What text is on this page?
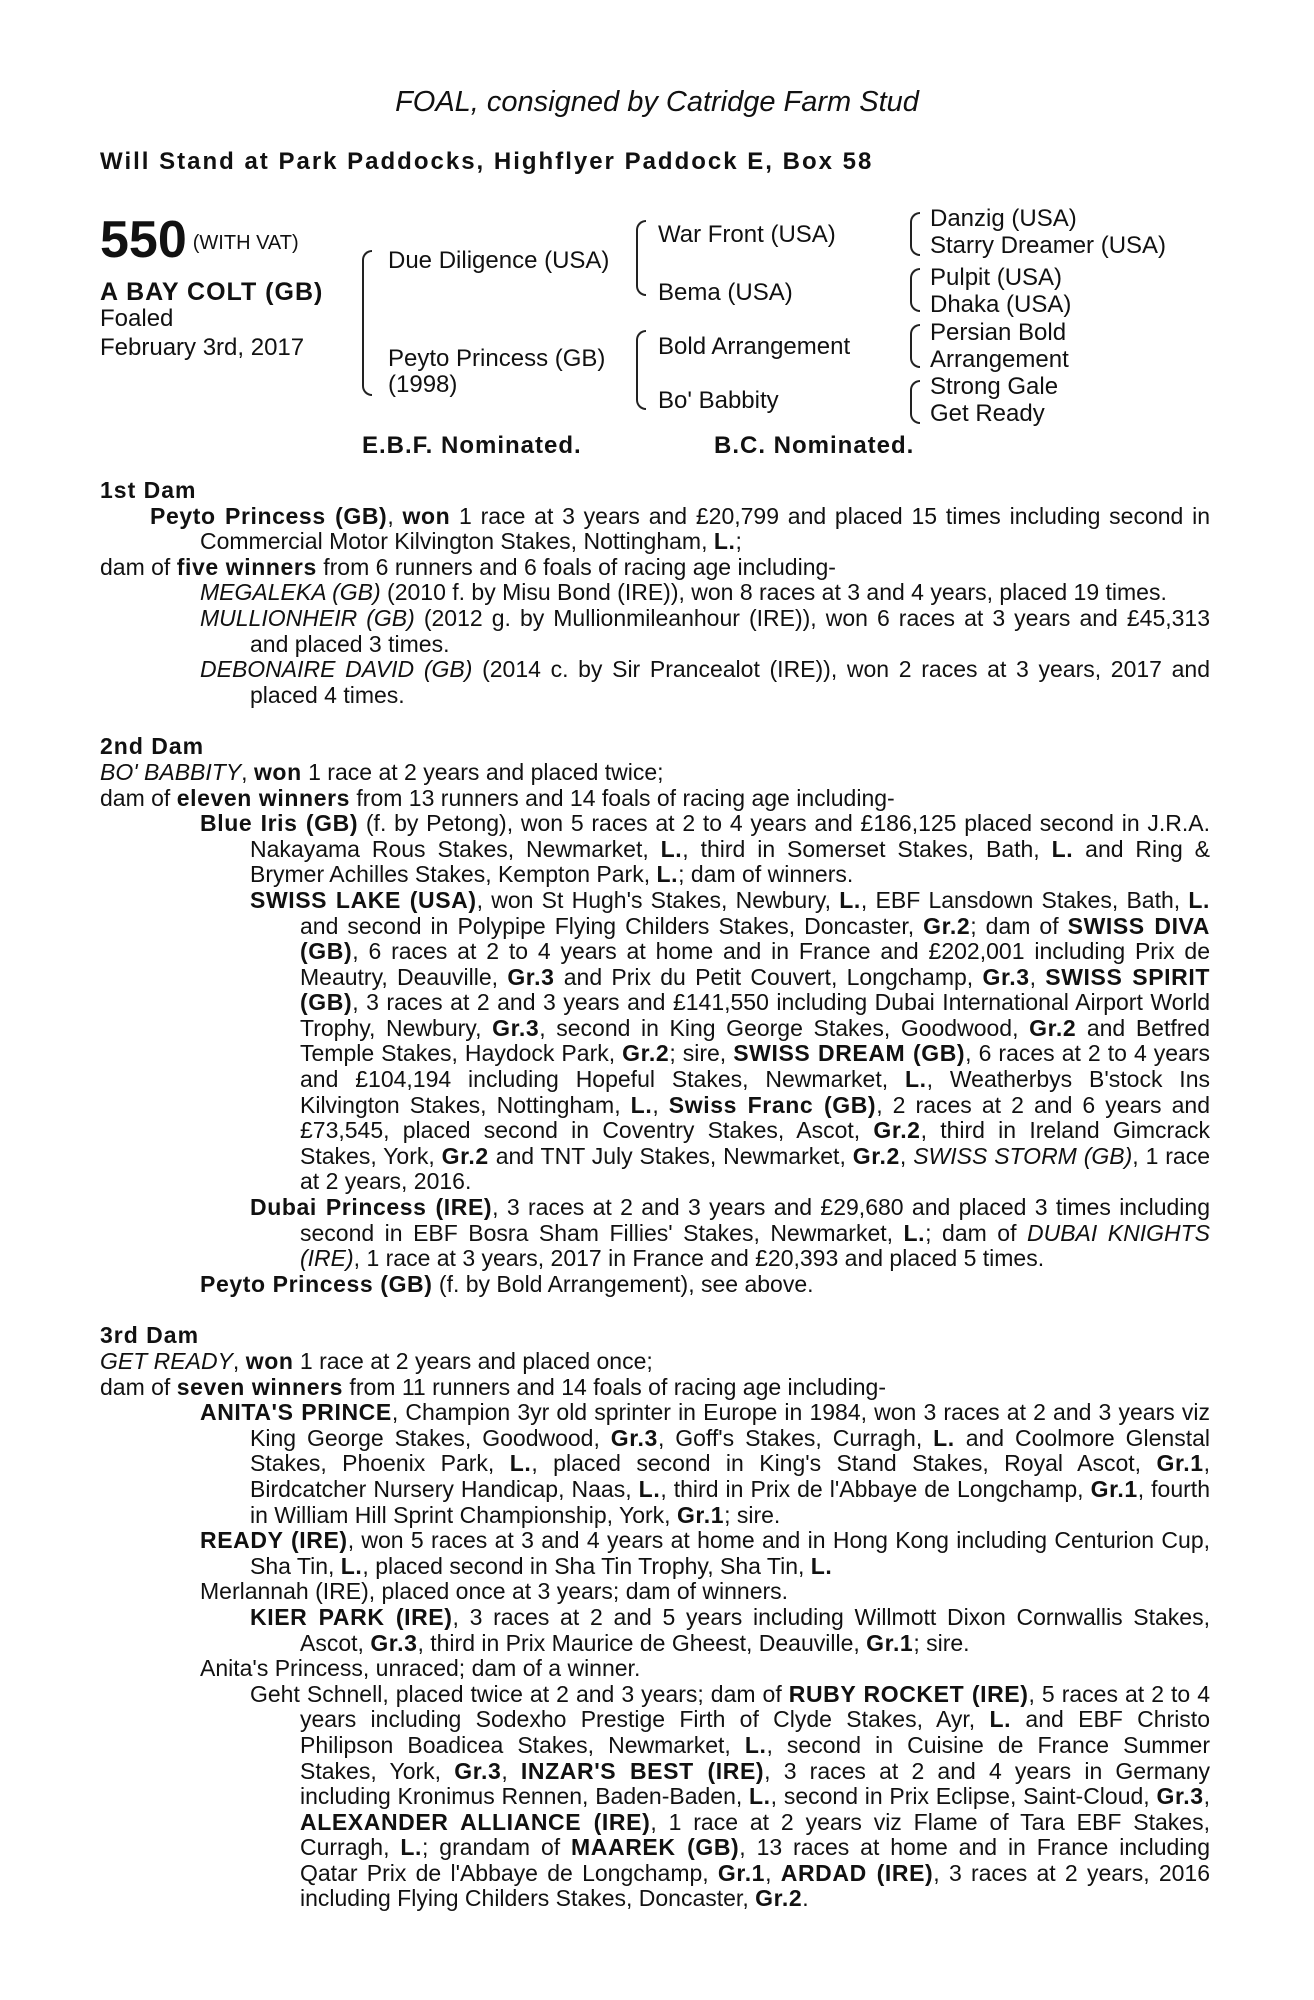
FOAL, consigned by Catridge Farm Stud
Will Stand at Park Paddocks, Highflyer Paddock E, Box 58
550 (WITH VAT)
A BAY COLT (GB)
Foaled
February 3rd, 2017
Due Diligence (USA)
Peyto Princess (GB)
(1998)
War Front (USA)
Bema (USA)
Bold Arrangement
Bo' Babbity
Danzig (USA)
Starry Dreamer (USA)
Pulpit (USA)
Dhaka (USA)
Persian Bold
Arrangement
Strong Gale
Get Ready
E.B.F. Nominated.	B.C. Nominated.

1st Dam

Peyto Princess (GB), won 1 race at 3 years and £20,799 and placed 15 times including second in Commercial Motor Kilvington Stakes, Nottingham, L.;

dam of five winners from 6 runners and 6 foals of racing age including-

MEGALEKA (GB) (2010 f. by Misu Bond (IRE)), won 8 races at 3 and 4 years, placed 19 times.

MULLIONHEIR (GB) (2012 g. by Mullionmileanhour (IRE)), won 6 races at 3 years and £45,313 and placed 3 times.

DEBONAIRE DAVID (GB) (2014 c. by Sir Prancealot (IRE)), won 2 races at 3 years, 2017 and placed 4 times.

2nd Dam

BO' BABBITY, won 1 race at 2 years and placed twice;

dam of eleven winners from 13 runners and 14 foals of racing age including-

Blue Iris (GB) (f. by Petong), won 5 races at 2 to 4 years and £186,125 placed second in J.R.A. Nakayama Rous Stakes, Newmarket, L., third in Somerset Stakes, Bath, L. and Ring & Brymer Achilles Stakes, Kempton Park, L.; dam of winners.

SWISS LAKE (USA), won St Hugh's Stakes, Newbury, L., EBF Lansdown Stakes, Bath, L. and second in Polypipe Flying Childers Stakes, Doncaster, Gr.2; dam of SWISS DIVA (GB), 6 races at 2 to 4 years at home and in France and £202,001 including Prix de Meautry, Deauville, Gr.3 and Prix du Petit Couvert, Longchamp, Gr.3, SWISS SPIRIT (GB), 3 races at 2 and 3 years and £141,550 including Dubai International Airport World Trophy, Newbury, Gr.3, second in King George Stakes, Goodwood, Gr.2 and Betfred Temple Stakes, Haydock Park, Gr.2; sire, SWISS DREAM (GB), 6 races at 2 to 4 years and £104,194 including Hopeful Stakes, Newmarket, L., Weatherbys B'stock Ins Kilvington Stakes, Nottingham, L., Swiss Franc (GB), 2 races at 2 and 6 years and £73,545, placed second in Coventry Stakes, Ascot, Gr.2, third in Ireland Gimcrack Stakes, York, Gr.2 and TNT July Stakes, Newmarket, Gr.2, SWISS STORM (GB), 1 race at 2 years, 2016.

Dubai Princess (IRE), 3 races at 2 and 3 years and £29,680 and placed 3 times including second in EBF Bosra Sham Fillies' Stakes, Newmarket, L.; dam of DUBAI KNIGHTS (IRE), 1 race at 3 years, 2017 in France and £20,393 and placed 5 times.

Peyto Princess (GB) (f. by Bold Arrangement), see above.

3rd Dam

GET READY, won 1 race at 2 years and placed once;

dam of seven winners from 11 runners and 14 foals of racing age including-

ANITA'S PRINCE, Champion 3yr old sprinter in Europe in 1984, won 3 races at 2 and 3 years viz King George Stakes, Goodwood, Gr.3, Goff's Stakes, Curragh, L. and Coolmore Glenstal Stakes, Phoenix Park, L., placed second in King's Stand Stakes, Royal Ascot, Gr.1, Birdcatcher Nursery Handicap, Naas, L., third in Prix de l'Abbaye de Longchamp, Gr.1, fourth in William Hill Sprint Championship, York, Gr.1; sire.

READY (IRE), won 5 races at 3 and 4 years at home and in Hong Kong including Centurion Cup, Sha Tin, L., placed second in Sha Tin Trophy, Sha Tin, L.

Merlannah (IRE), placed once at 3 years; dam of winners.

KIER PARK (IRE), 3 races at 2 and 5 years including Willmott Dixon Cornwallis Stakes, Ascot, Gr.3, third in Prix Maurice de Gheest, Deauville, Gr.1; sire.

Anita's Princess, unraced; dam of a winner.

Geht Schnell, placed twice at 2 and 3 years; dam of RUBY ROCKET (IRE), 5 races at 2 to 4 years including Sodexho Prestige Firth of Clyde Stakes, Ayr, L. and EBF Christo Philipson Boadicea Stakes, Newmarket, L., second in Cuisine de France Summer Stakes, York, Gr.3, INZAR'S BEST (IRE), 3 races at 2 and 4 years in Germany including Kronimus Rennen, Baden-Baden, L., second in Prix Eclipse, Saint-Cloud, Gr.3, ALEXANDER ALLIANCE (IRE), 1 race at 2 years viz Flame of Tara EBF Stakes, Curragh, L.; grandam of MAAREK (GB), 13 races at home and in France including Qatar Prix de l'Abbaye de Longchamp, Gr.1, ARDAD (IRE), 3 races at 2 years, 2016 including Flying Childers Stakes, Doncaster, Gr.2.
